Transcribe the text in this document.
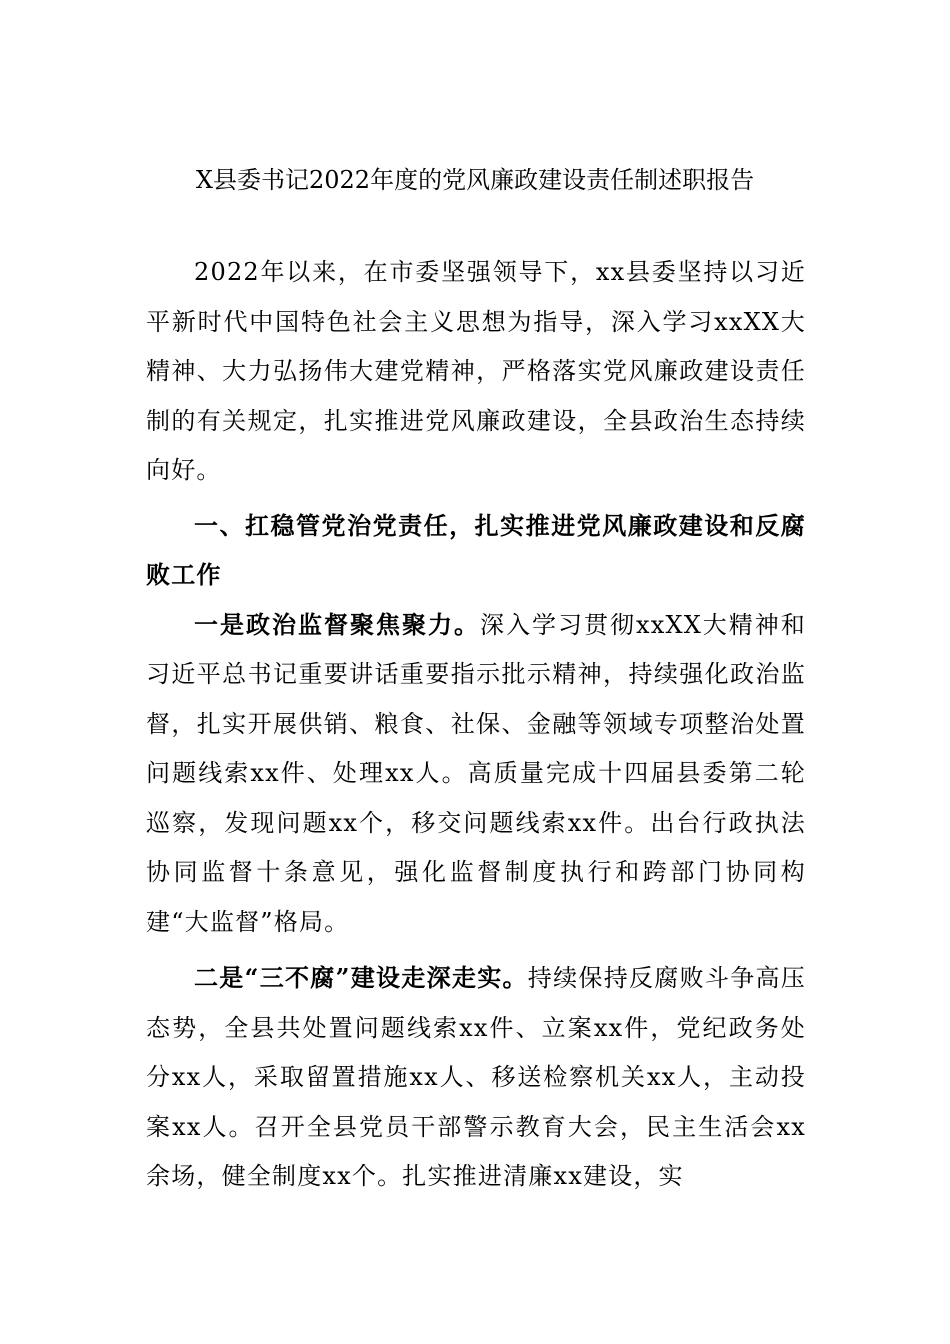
X县委书记2022年度的党风廉政建设责任制述职报告

2022年以来，在市委坚强领导下，xx县委坚持以习近平新时代中国特色社会主义思想为指导，深入学习xxXX大精神、大力弘扬伟大建党精神，严格落实党风廉政建设责任制的有关规定，扎实推进党风廉政建设，全县政治生态持续向好。

一、扛稳管党治党责任，扎实推进党风廉政建设和反腐败工作

一是政治监督聚焦聚力。深入学习贯彻xxXX大精神和习近平总书记重要讲话重要指示批示精神，持续强化政治监督，扎实开展供销、粮食、社保、金融等领域专项整治处置问题线索xx件、处理xx人。高质量完成十四届县委第二轮巡察，发现问题xx个，移交问题线索xx件。出台行政执法协同监督十条意见，强化监督制度执行和跨部门协同构建“大监督”格局。

二是“三不腐”建设走深走实。持续保持反腐败斗争高压态势，全县共处置问题线索xx件、立案xx件，党纪政务处分xx人，采取留置措施xx人、移送检察机关xx人，主动投案xx人。召开全县党员干部警示教育大会，民主生活会xx余场，健全制度xx个。扎实推进清廉xx建设，实
